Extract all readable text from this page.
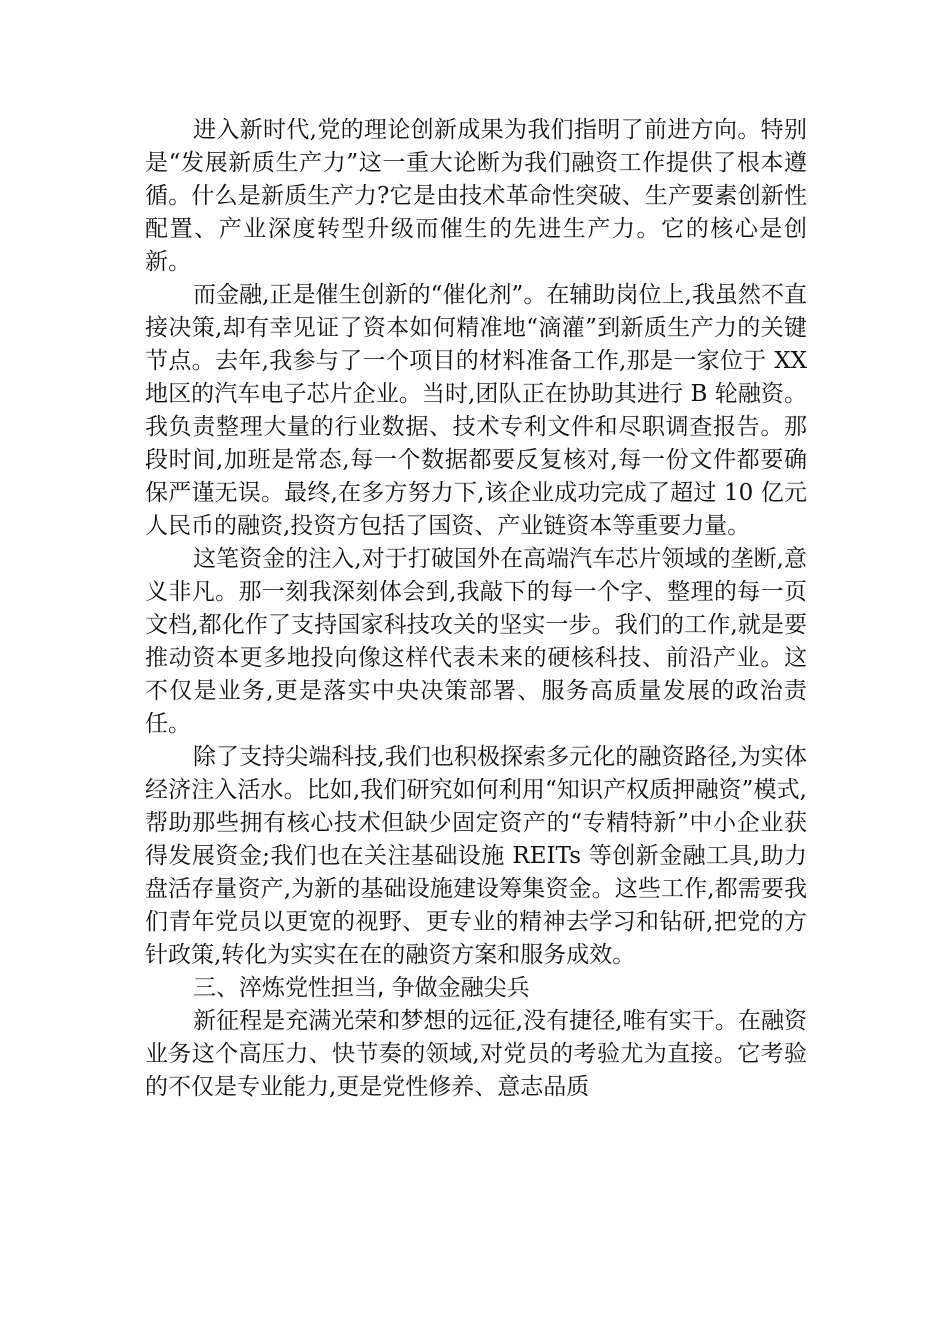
进入新时代,党的理论创新成果为我们指明了前进方向。特别是“发展新质生产力”这一重大论断为我们融资工作提供了根本遵循。什么是新质生产力?它是由技术革命性突破、生产要素创新性配置、产业深度转型升级而催生的先进生产力。它的核心是创新。

而金融,正是催生创新的“催化剂”。在辅助岗位上,我虽然不直接决策,却有幸见证了资本如何精准地“滴灌”到新质生产力的关键节点。去年,我参与了一个项目的材料准备工作,那是一家位于 XX 地区的汽车电子芯片企业。当时,团队正在协助其进行 B 轮融资。我负责整理大量的行业数据、技术专利文件和尽职调查报告。那段时间,加班是常态,每一个数据都要反复核对,每一份文件都要确保严谨无误。最终,在多方努力下,该企业成功完成了超过 10 亿元人民币的融资,投资方包括了国资、产业链资本等重要力量。

这笔资金的注入,对于打破国外在高端汽车芯片领域的垄断,意义非凡。那一刻我深刻体会到,我敲下的每一个字、整理的每一页文档,都化作了支持国家科技攻关的坚实一步。我们的工作,就是要推动资本更多地投向像这样代表未来的硬核科技、前沿产业。这不仅是业务,更是落实中央决策部署、服务高质量发展的政治责任。

除了支持尖端科技,我们也积极探索多元化的融资路径,为实体经济注入活水。比如,我们研究如何利用“知识产权质押融资”模式,帮助那些拥有核心技术但缺少固定资产的“专精特新”中小企业获得发展资金;我们也在关注基础设施 REITs 等创新金融工具,助力盘活存量资产,为新的基础设施建设筹集资金。这些工作,都需要我们青年党员以更宽的视野、更专业的精神去学习和钻研,把党的方针政策,转化为实实在在的融资方案和服务成效。

三、淬炼党性担当, 争做金融尖兵

新征程是充满光荣和梦想的远征,没有捷径,唯有实干。在融资业务这个高压力、快节奏的领域,对党员的考验尤为直接。它考验的不仅是专业能力,更是党性修养、意志品质
